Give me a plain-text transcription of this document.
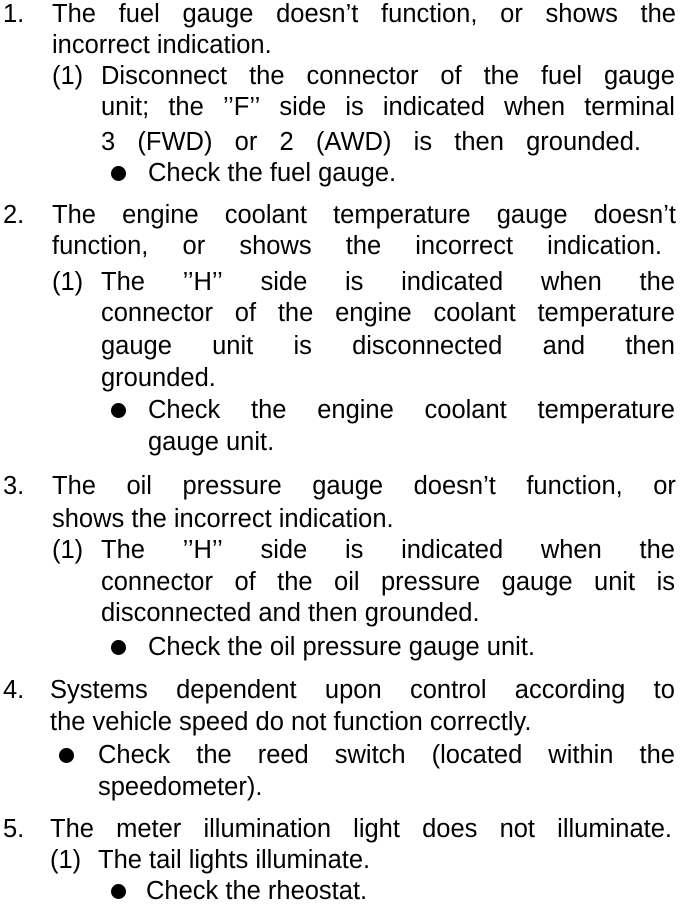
1. The fuel gauge doesn’t function, or shows the
incorrect indication.
(1) Disconnect the connector of the fuel gauge
unit; the ’’F’’ side is indicated when terminal
3 (FWD) or 2 (AWD) is then grounded.
Check the fuel gauge.
2. The engine coolant temperature gauge doesn’t
function, or shows the incorrect indication.
(1) The ’’H’’ side is indicated when the
connector of the engine coolant temperature
gauge unit is disconnected and then
grounded.
Check the engine coolant temperature
gauge unit.
3. The oil pressure gauge doesn’t function, or
shows the incorrect indication.
(1) The ’’H’’ side is indicated when the
connector of the oil pressure gauge unit is
disconnected and then grounded.
Check the oil pressure gauge unit.
4. Systems dependent upon control according to
the vehicle speed do not function correctly.
Check the reed switch (located within the
speedometer).
5. The meter illumination light does not illuminate.
(1) The tail lights illuminate.
Check the rheostat.
